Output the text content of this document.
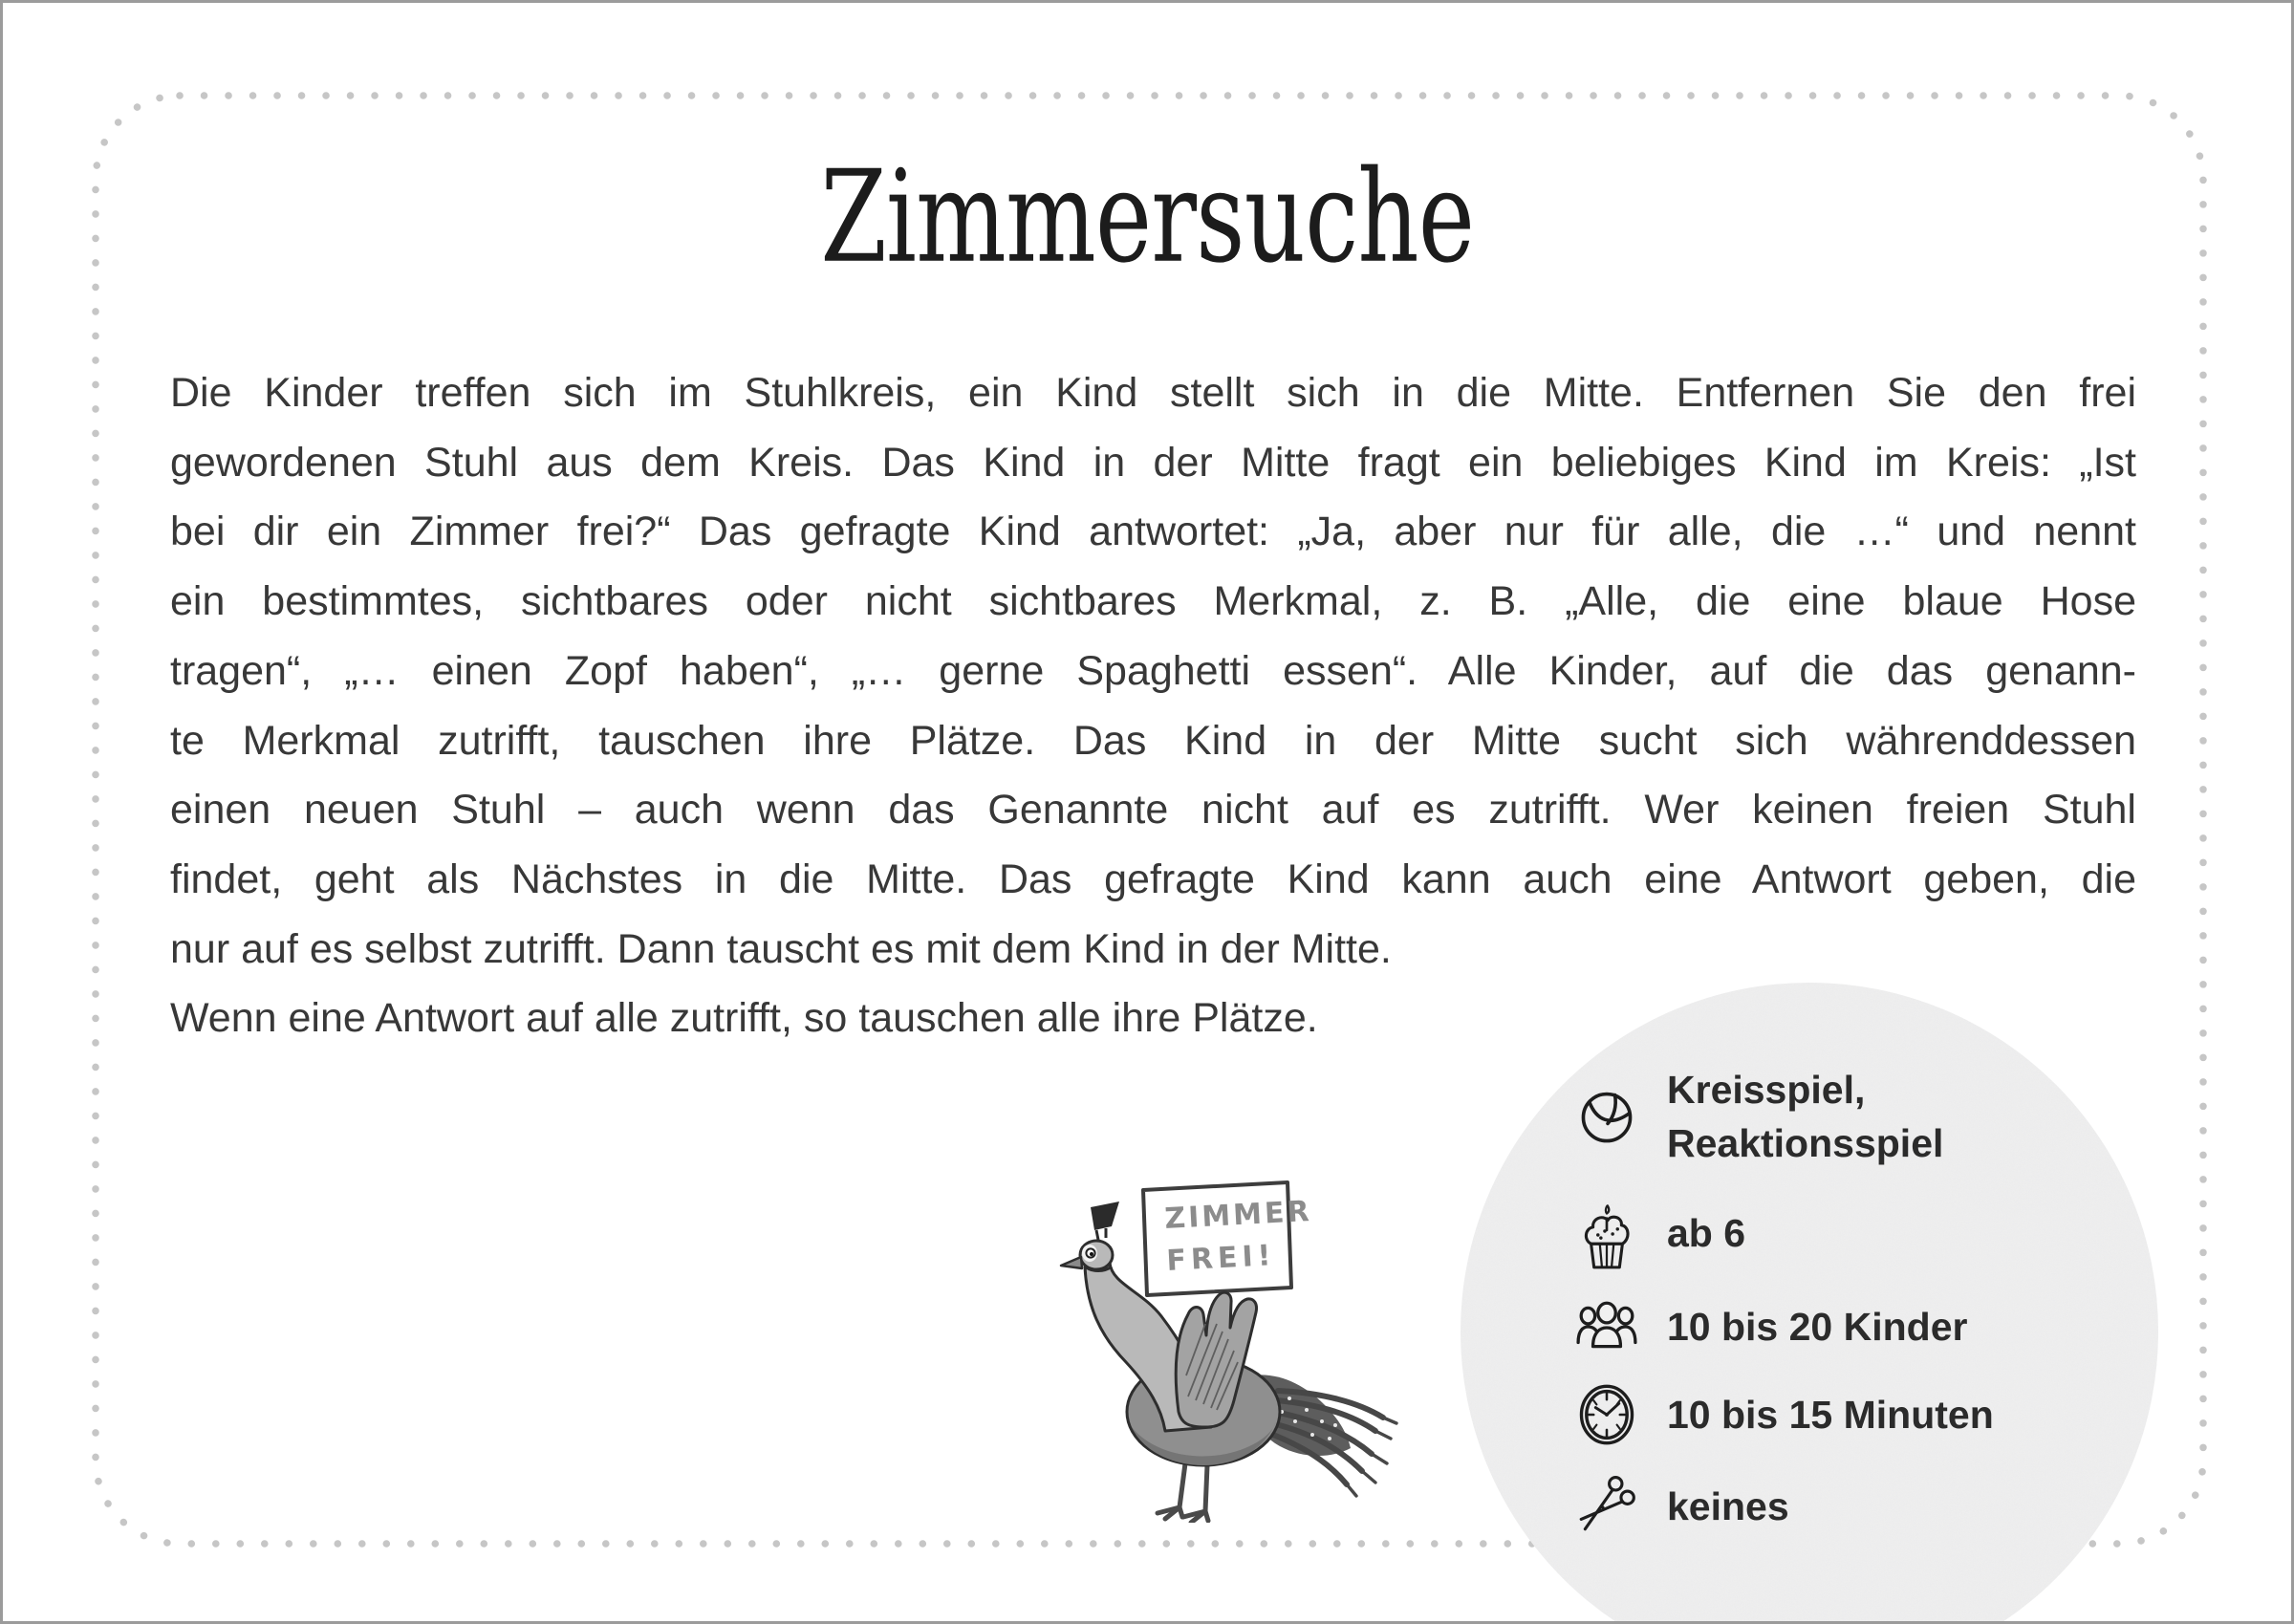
Zimmersuche
Die Kinder treffen sich im Stuhlkreis, ein Kind stellt sich in die Mitte. Entfernen Sie den frei
gewordenen Stuhl aus dem Kreis. Das Kind in der Mitte fragt ein beliebiges Kind im Kreis: „Ist
bei dir ein Zimmer frei?“ Das gefragte Kind antwortet: „Ja, aber nur für alle, die …“ und nennt
ein bestimmtes, sichtbares oder nicht sichtbares Merkmal, z. B. „Alle, die eine blaue Hose
tragen“, „… einen Zopf haben“, „… gerne Spaghetti essen“. Alle Kinder, auf die das genann-
te Merkmal zutrifft, tauschen ihre Plätze. Das Kind in der Mitte sucht sich währenddessen
einen neuen Stuhl – auch wenn das Genannte nicht auf es zutrifft. Wer keinen freien Stuhl
findet, geht als Nächstes in die Mitte. Das gefragte Kind kann auch eine Antwort geben, die
nur auf es selbst zutrifft. Dann tauscht es mit dem Kind in der Mitte.
Wenn eine Antwort auf alle zutrifft, so tauschen alle ihre Plätze.
Kreisspiel,
Reaktionsspiel
ab 6
10 bis 20 Kinder
10 bis 15 Minuten
keines
ZIMMER
FREI!
